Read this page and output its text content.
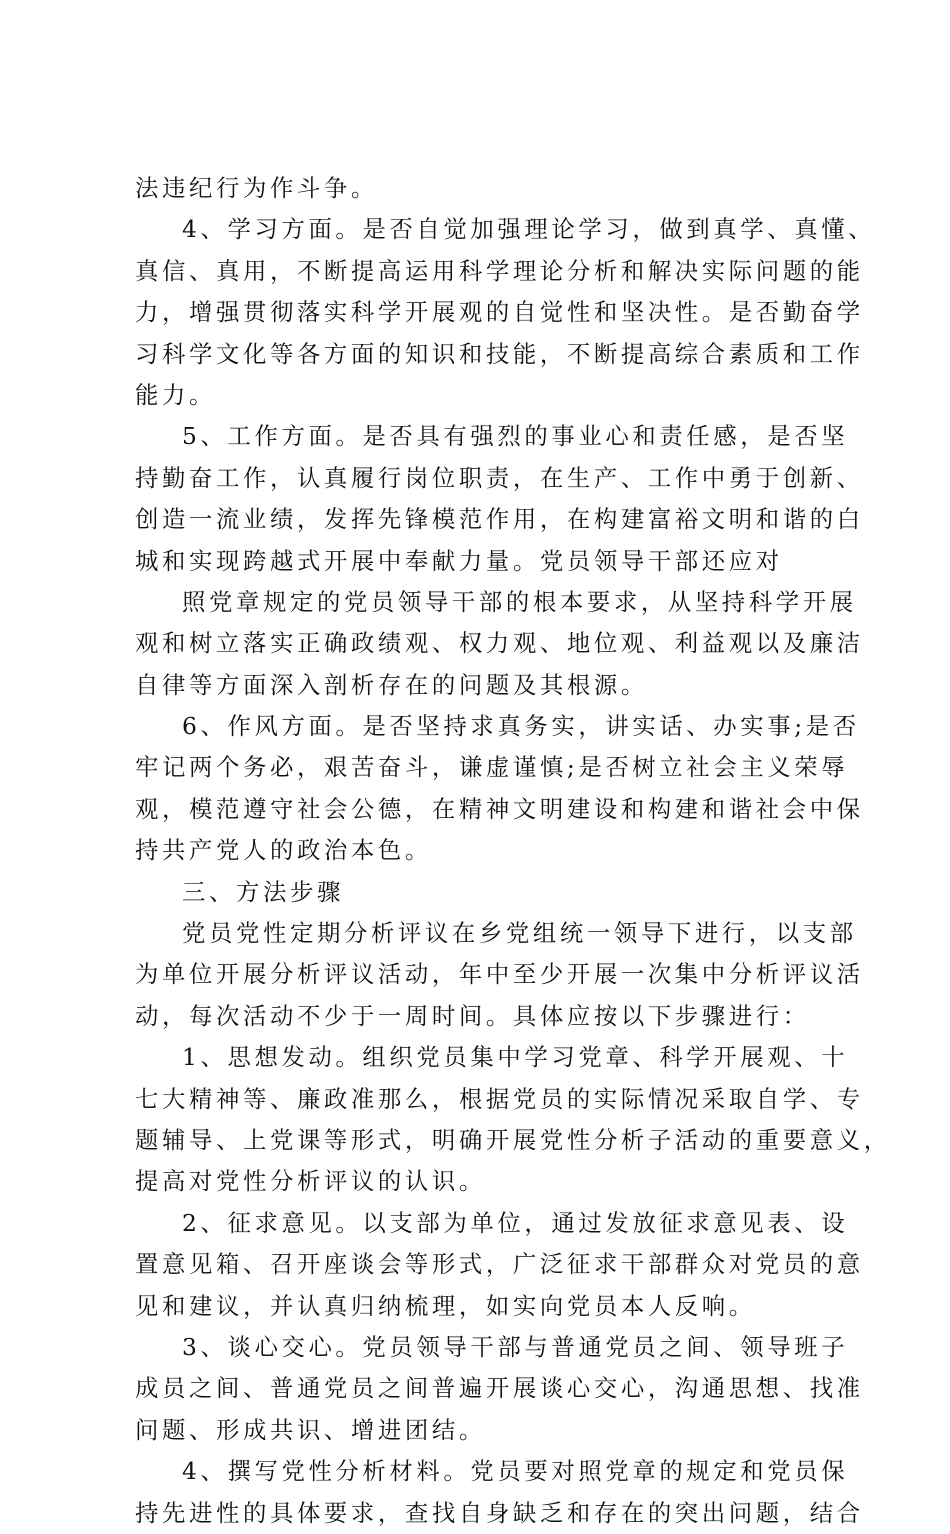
法违纪行为作斗争。
4、学习方面。是否自觉加强理论学习，做到真学、真懂、
真信、真用，不断提高运用科学理论分析和解决实际问题的能
力，增强贯彻落实科学开展观的自觉性和坚决性。是否勤奋学
习科学文化等各方面的知识和技能，不断提高综合素质和工作
能力。
5、工作方面。是否具有强烈的事业心和责任感，是否坚
持勤奋工作，认真履行岗位职责，在生产、工作中勇于创新、
创造一流业绩，发挥先锋模范作用，在构建富裕文明和谐的白
城和实现跨越式开展中奉献力量。党员领导干部还应对
照党章规定的党员领导干部的根本要求，从坚持科学开展
观和树立落实正确政绩观、权力观、地位观、利益观以及廉洁
自律等方面深入剖析存在的问题及其根源。
6、作风方面。是否坚持求真务实，讲实话、办实事;是否
牢记两个务必，艰苦奋斗，谦虚谨慎;是否树立社会主义荣辱
观，模范遵守社会公德，在精神文明建设和构建和谐社会中保
持共产党人的政治本色。
三、方法步骤
党员党性定期分析评议在乡党组统一领导下进行，以支部
为单位开展分析评议活动，年中至少开展一次集中分析评议活
动，每次活动不少于一周时间。具体应按以下步骤进行：
1、思想发动。组织党员集中学习党章、科学开展观、十
七大精神等、廉政准那么，根据党员的实际情况采取自学、专
题辅导、上党课等形式，明确开展党性分析子活动的重要意义，
提高对党性分析评议的认识。
2、征求意见。以支部为单位，通过发放征求意见表、设
置意见箱、召开座谈会等形式，广泛征求干部群众对党员的意
见和建议，并认真归纳梳理，如实向党员本人反响。
3、谈心交心。党员领导干部与普通党员之间、领导班子
成员之间、普通党员之间普遍开展谈心交心，沟通思想、找准
问题、形成共识、增进团结。
4、撰写党性分析材料。党员要对照党章的规定和党员保
持先进性的具体要求，查找自身缺乏和存在的突出问题，结合
